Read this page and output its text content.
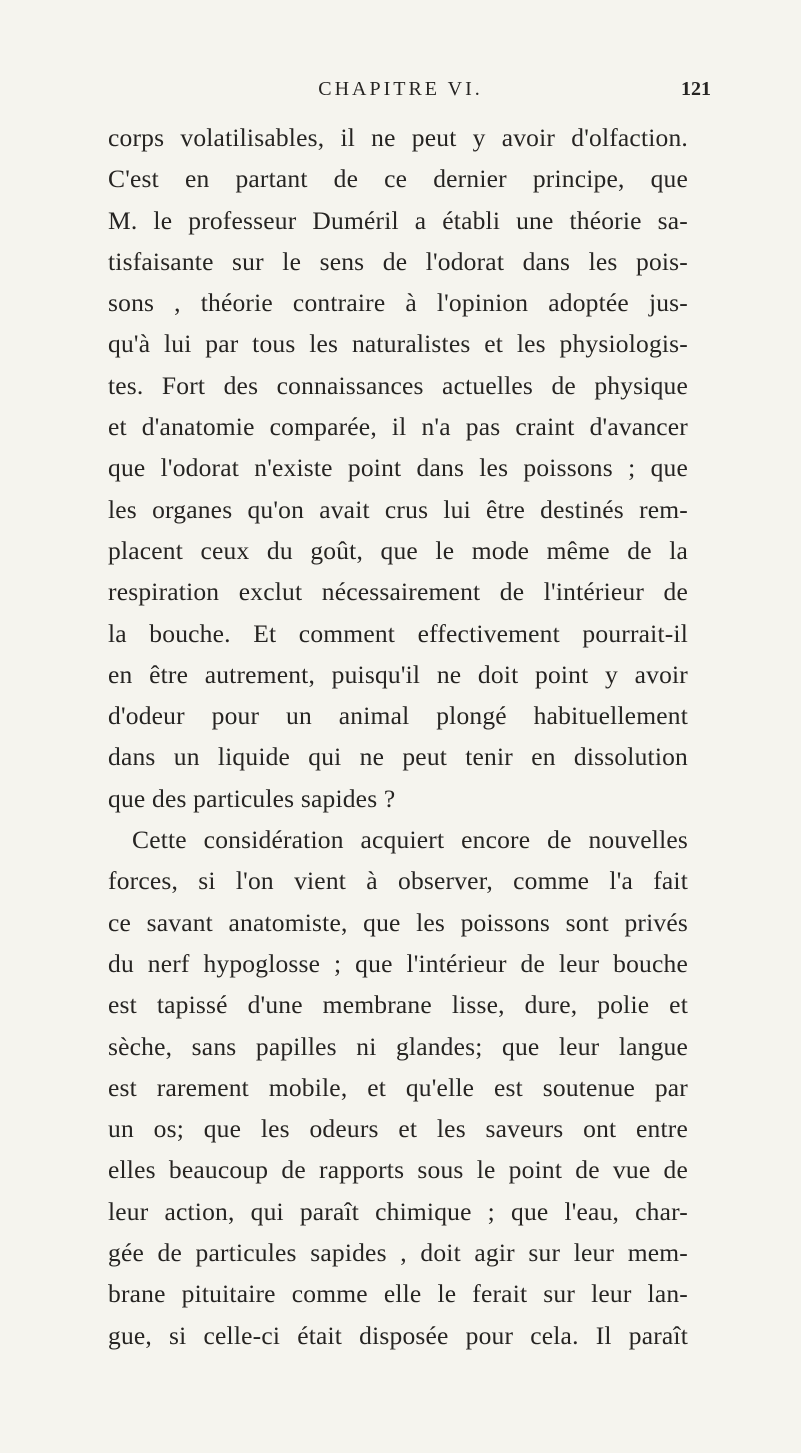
CHAPITRE VI.	121
corps volatilisables, il ne peut y avoir d'olfaction.
C'est en partant de ce dernier principe, que
M. le professeur Duméril a établi une théorie sa-
tisfaisante sur le sens de l'odorat dans les pois-
sons , théorie contraire à l'opinion adoptée jus-
qu'à lui par tous les naturalistes et les physiologis-
tes. Fort des connaissances actuelles de physique
et d'anatomie comparée, il n'a pas craint d'avancer
que l'odorat n'existe point dans les poissons ; que
les organes qu'on avait crus lui être destinés rem-
placent ceux du goût, que le mode même de la
respiration exclut nécessairement de l'intérieur de
la bouche. Et comment effectivement pourrait-il
en être autrement, puisqu'il ne doit point y avoir
d'odeur pour un animal plongé habituellement
dans un liquide qui ne peut tenir en dissolution
que des particules sapides ?
Cette considération acquiert encore de nouvelles
forces, si l'on vient à observer, comme l'a fait
ce savant anatomiste, que les poissons sont privés
du nerf hypoglosse ; que l'intérieur de leur bouche
est tapissé d'une membrane lisse, dure, polie et
sèche, sans papilles ni glandes; que leur langue
est rarement mobile, et qu'elle est soutenue par
un os; que les odeurs et les saveurs ont entre
elles beaucoup de rapports sous le point de vue de
leur action, qui paraît chimique ; que l'eau, char-
gée de particules sapides , doit agir sur leur mem-
brane pituitaire comme elle le ferait sur leur lan-
gue, si celle-ci était disposée pour cela. Il paraît
